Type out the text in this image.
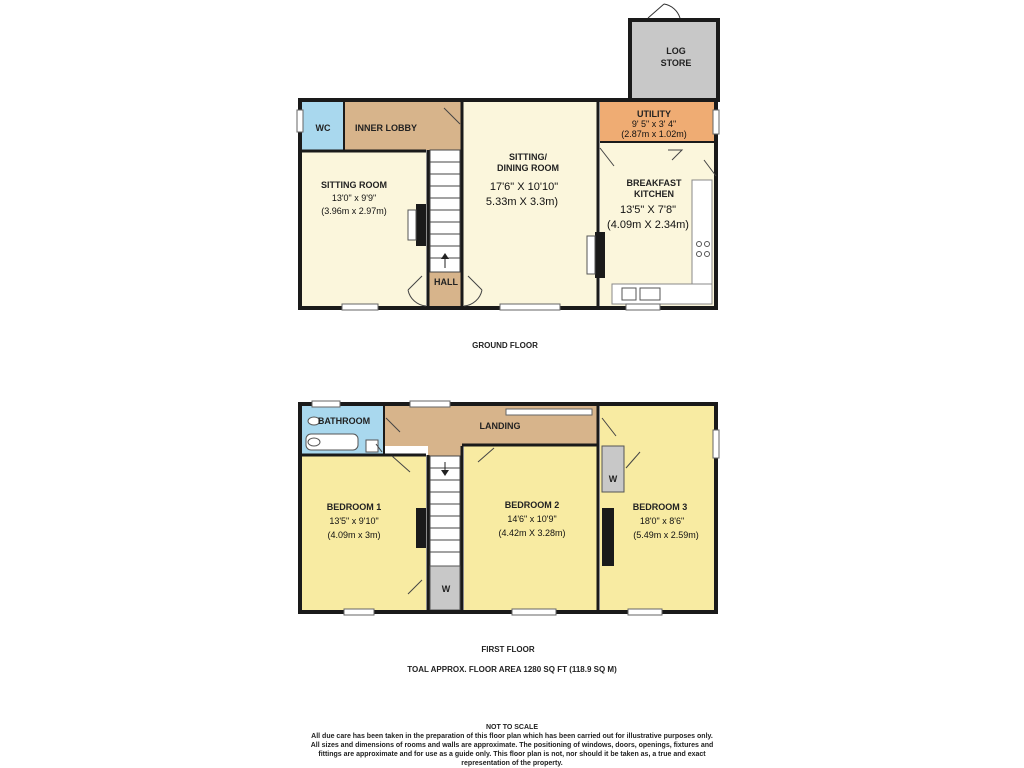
LOG
STORE
WC	INNER LOBBY
HALL
UTILITY
9' 5" x 3' 4"
(2.87m x 1.02m)
SITTING ROOM
13'0" x 9'9"
(3.96m x 2.97m)
SITTING/
DINING ROOM
17'6" X 10'10"
5.33m X 3.3m)
BREAKFAST
KITCHEN
13'5" X 7'8"
(4.09m X 2.34m)
GROUND FLOOR
BATHROOM	LANDING
W
W
BEDROOM 1
13'5" x 9'10"
(4.09m x 3m)
BEDROOM 2
14'6" x 10'9"
(4.42m X 3.28m)
BEDROOM 3
18'0" x 8'6"
(5.49m x 2.59m)
FIRST FLOOR
TOAL APPROX. FLOOR AREA 1280 SQ FT (118.9 SQ M)
NOT TO SCALE
All due care has been taken in the preparation of this floor plan which has been carried out for illustrative purposes only.
All sizes and dimensions of rooms and walls are approximate. The positioning of windows, doors, openings, fixtures and
fittings are approximate and for use as a guide only. This floor plan is not, nor should it be taken as, a true and exact
representation of the property.
